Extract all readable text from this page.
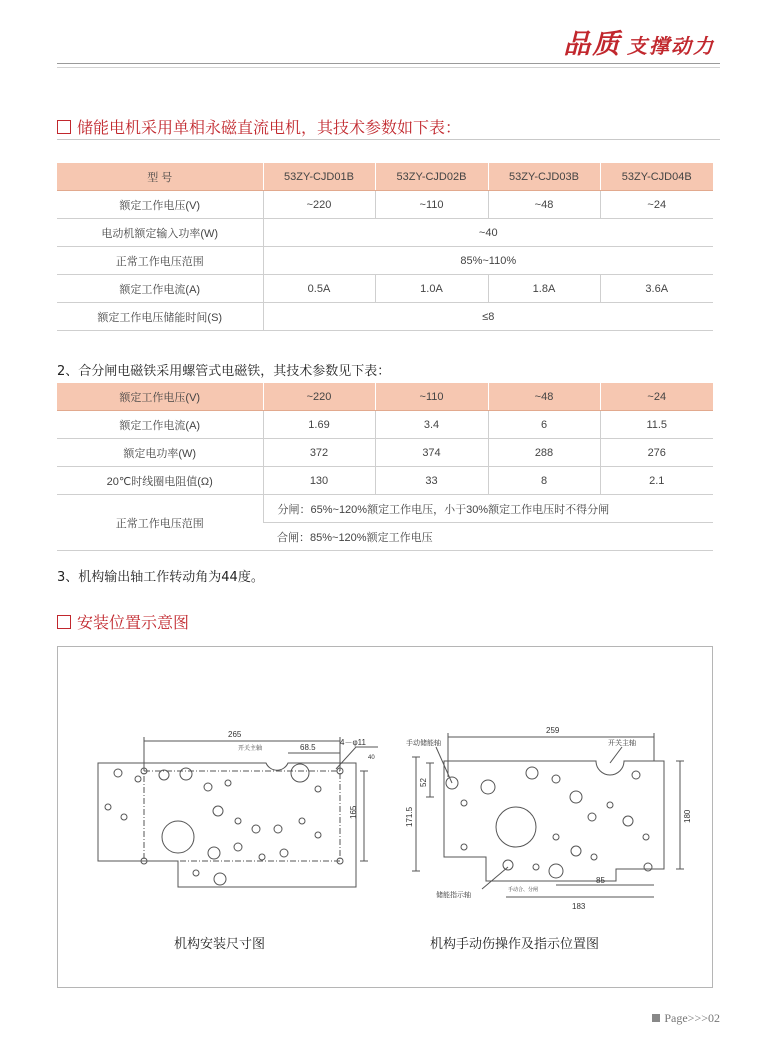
品质 支撑动力
储能电机采用单相永磁直流电机，其技术参数如下表：
型 号	53ZY-CJD01B	53ZY-CJD02B	53ZY-CJD03B	53ZY-CJD04B
额定工作电压(V)	~220	~110	~48	~24
电动机额定输入功率(W)	~40			
正常工作电压范围	85%~110%			
额定工作电流(A)	0.5A	1.0A	1.8A	3.6A
额定工作电压储能时间(S)	≤8			
2、合分闸电磁铁采用螺管式电磁铁，其技术参数见下表：
额定工作电压(V)	~220	~110	~48	~24
额定工作电流(A)	1.69	3.4	6	11.5
额定电功率(W)	372	374	288	276
20℃时线圈电阻值(Ω)	130	33	8	2.1
正常工作电压范围	分闸：65%~120%额定工作电压，小于30%额定工作电压时不得分闸			
	合闸：85%~120%额定工作电压			
3、机构输出轴工作转动角为44度。
安装位置示意图
265
68.5
开关主轴
4－φ11
40
165
259
52
171.5	180
85
183
手动储能轴	开关主轴
储能指示轴
手动合、分闸
机构安装尺寸图	机构手动伤操作及指示位置图
Page>>>02
